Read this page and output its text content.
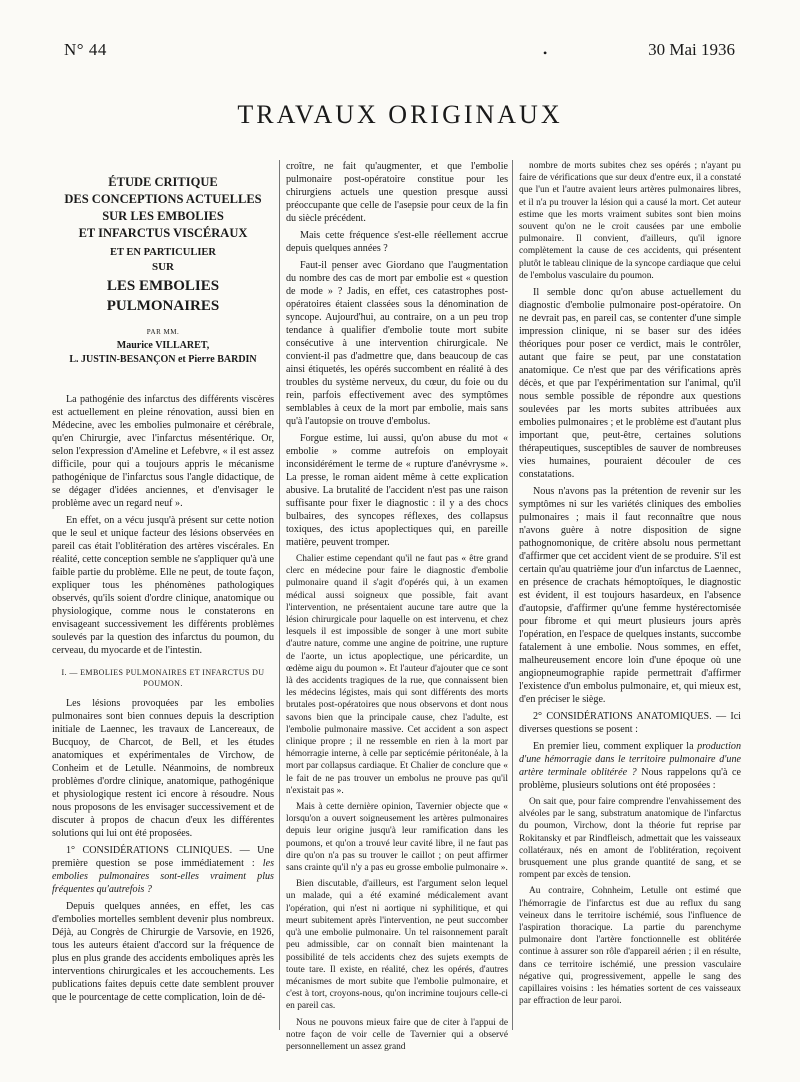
N° 44	•	30 Mai 1936
TRAVAUX ORIGINAUX
ÉTUDE CRITIQUE
DES CONCEPTIONS ACTUELLES
SUR LES EMBOLIES
ET INFARCTUS VISCÉRAUX
ET EN PARTICULIER
SUR
LES EMBOLIES PULMONAIRES
PAR MM.
Maurice VILLARET,
L. JUSTIN-BESANÇON et Pierre BARDIN

La pathogénie des infarctus des différents viscères est actuellement en pleine rénovation, aussi bien en Médecine, avec les embolies pulmonaire et cérébrale, qu'en Chirurgie, avec l'infarctus mésentérique. Or, selon l'expression d'Ameline et Lefebvre, « il est assez difficile, pour qui a toujours appris le mécanisme pathogénique de l'infarctus sous l'angle didactique, de se dégager d'idées anciennes, et d'envisager le problème avec un regard neuf ».

En effet, on a vécu jusqu'à présent sur cette notion que le seul et unique facteur des lésions observées en pareil cas était l'oblitération des artères viscérales. En réalité, cette conception semble ne s'appliquer qu'à une faible partie du problème. Elle ne peut, de toute façon, expliquer tous les phénomènes pathologiques observés, qu'ils soient d'ordre clinique, anatomique ou physiologique, comme nous le constaterons en envisageant successivement les différents problèmes soulevés par la question des infarctus du poumon, du cerveau, du myocarde et de l'intestin.

I. — EMBOLIES PULMONAIRES ET INFARCTUS DU POUMON.

Les lésions provoquées par les embolies pulmonaires sont bien connues depuis la description initiale de Laennec, les travaux de Lancereaux, de Bucquoy, de Charcot, de Bell, et les études anatomiques et expérimentales de Virchow, de Conheim et de Letulle. Néanmoins, de nombreux problèmes d'ordre clinique, anatomique, pathogénique et physiologique restent ici encore à résoudre. Nous nous proposons de les envisager successivement et de discuter à propos de chacun d'eux les différentes solutions qui lui ont été proposées.

1° CONSIDÉRATIONS CLINIQUES. — Une première question se pose immédiatement : les embolies pulmonaires sont-elles vraiment plus fréquentes qu'autrefois ?

Depuis quelques années, en effet, les cas d'embolies mortelles semblent devenir plus nombreux. Déjà, au Congrès de Chirurgie de Varsovie, en 1926, tous les auteurs étaient d'accord sur la fréquence de plus en plus grande des accidents emboliques après les interventions chirurgicales et les accouchements. Les publications faites depuis cette date semblent prouver que le pourcentage de cette complication, loin de dé-

croître, ne fait qu'augmenter, et que l'embolie pulmonaire post-opératoire constitue pour les chirurgiens actuels une question presque aussi préoccupante que celle de l'asepsie pour ceux de la fin du siècle précédent.

Mais cette fréquence s'est-elle réellement accrue depuis quelques années ?

Faut-il penser avec Giordano que l'augmentation du nombre des cas de mort par embolie est « question de mode » ? Jadis, en effet, ces catastrophes post-opératoires étaient classées sous la dénomination de syncope. Aujourd'hui, au contraire, on a un peu trop tendance à qualifier d'embolie toute mort subite consécutive à une intervention chirurgicale. Ne convient-il pas d'admettre que, dans beaucoup de cas ainsi étiquetés, les opérés succombent en réalité à des troubles du système nerveux, du cœur, du foie ou du rein, parfois effectivement avec des symptômes semblables à ceux de la mort par embolie, mais sans qu'à l'autopsie on trouve d'embolus.

Forgue estime, lui aussi, qu'on abuse du mot « embolie » comme autrefois on employait inconsidérément le terme de « rupture d'anévrysme ». La presse, le roman aident même à cette explication abusive. La brutalité de l'accident n'est pas une raison suffisante pour fixer le diagnostic : il y a des chocs bulbaires, des syncopes réflexes, des collapsus toxiques, des ictus apoplectiques qui, en pareille matière, peuvent tromper.

Chalier estime cependant qu'il ne faut pas « être grand clerc en médecine pour faire le diagnostic d'embolie pulmonaire quand il s'agit d'opérés qui, à un examen médical aussi soigneux que possible, fait avant l'intervention, ne présentaient aucune tare autre que la lésion chirurgicale pour laquelle on est intervenu, et chez lesquels il est impossible de songer à une mort subite d'autre nature, comme une angine de poitrine, une rupture de l'aorte, un ictus apoplectique, une péricardite, un œdème aigu du poumon ». Et l'auteur d'ajouter que ce sont là des accidents tragiques de la rue, que connaissent bien les médecins légistes, mais qui sont différents des morts brutales post-opératoires que nous observons et dont nous savons bien que la principale cause, chez l'adulte, est l'embolie pulmonaire massive. Cet accident a son aspect clinique propre ; il ne ressemble en rien à la mort par hémorragie interne, à celle par septicémie péritonéale, à la mort par collapsus cardiaque. Et Chalier de conclure que « le fait de ne pas trouver un embolus ne prouve pas qu'il n'existait pas ».

Mais à cette dernière opinion, Tavernier objecte que « lorsqu'on a ouvert soigneusement les artères pulmonaires depuis leur origine jusqu'à leur ramification dans les poumons, et qu'on a trouvé leur cavité libre, il ne faut pas dire qu'on n'a pas su trouver le caillot ; on peut affirmer sans crainte qu'il n'y a pas eu grosse embolie pulmonaire ».

Bien discutable, d'ailleurs, est l'argument selon lequel un malade, qui a été examiné médicalement avant l'opération, qui n'est ni aortique ni syphilitique, et qui meurt subitement après l'intervention, ne peut succomber qu'à une embolie pulmonaire. Un tel raisonnement paraît peu admissible, car on connaît bien maintenant la possibilité de tels accidents chez des sujets exempts de toute tare. Il existe, en réalité, chez les opérés, d'autres mécanismes de mort subite que l'embolie pulmonaire, et c'est à tort, croyons-nous, qu'on incrimine toujours celle-ci en pareil cas.

Nous ne pouvons mieux faire que de citer à l'appui de notre façon de voir celle de Tavernier qui a observé personnellement un assez grand

nombre de morts subites chez ses opérés ; n'ayant pu faire de vérifications que sur deux d'entre eux, il a constaté que l'un et l'autre avaient leurs artères pulmonaires libres, et il n'a pu trouver la lésion qui a causé la mort. Cet auteur estime que les morts vraiment subites sont bien moins souvent qu'on ne le croit causées par une embolie pulmonaire. Il convient, d'ailleurs, qu'il ignore complètement la cause de ces accidents, qui présentent plutôt le tableau clinique de la syncope cardiaque que celui de l'embolus vasculaire du poumon.

Il semble donc qu'on abuse actuellement du diagnostic d'embolie pulmonaire post-opératoire. On ne devrait pas, en pareil cas, se contenter d'une simple impression clinique, ni se baser sur des idées théoriques pour poser ce verdict, mais le contrôler, autant que faire se peut, par une constatation anatomique. Ce n'est que par des vérifications après décès, et que par l'expérimentation sur l'animal, qu'il nous semble possible de répondre aux questions soulevées par les morts subites attribuées aux embolies pulmonaires ; et le problème est d'autant plus important que, peut-être, certaines solutions thérapeutiques, susceptibles de sauver de nombreuses vies humaines, pouraient découler de ces constatations.

Nous n'avons pas la prétention de revenir sur les symptômes ni sur les variétés cliniques des embolies pulmonaires ; mais il faut reconnaître que nous n'avons guère à notre disposition de signe pathognomonique, de critère absolu nous permettant d'affirmer que cet accident vient de se produire. S'il est certain qu'au quatrième jour d'un infarctus de Laennec, en présence de crachats hémoptoïques, le diagnostic est évident, il est toujours hasardeux, en l'absence d'autopsie, d'affirmer qu'une femme hystérectomisée pour fibrome et qui meurt plusieurs jours après l'opération, en l'espace de quelques instants, succombe fatalement à une embolie. Nous sommes, en effet, malheureusement encore loin d'une époque où une angiopneumographie rapide permettrait d'affirmer l'existence d'un embolus pulmonaire, et, qui mieux est, d'en préciser le siège.

2° CONSIDÉRATIONS ANATOMIQUES. — Ici diverses questions se posent :

En premier lieu, comment expliquer la production d'une hémorragie dans le territoire pulmonaire d'une artère terminale oblitérée ? Nous rappelons qu'à ce problème, plusieurs solutions ont été proposées :

On sait que, pour faire comprendre l'envahissement des alvéoles par le sang, substratum anatomique de l'infarctus du poumon, Virchow, dont la théorie fut reprise par Rokitansky et par Rindfleisch, admettait que les vaisseaux collatéraux, nés en amont de l'oblitération, reçoivent brusquement une plus grande quantité de sang, et se rompent par excès de tension.

Au contraire, Cohnheim, Letulle ont estimé que l'hémorragie de l'infarctus est due au reflux du sang veineux dans le territoire ischémié, sous l'influence de l'aspiration thoracique. La partie du parenchyme pulmonaire dont l'artère fonctionnelle est oblitérée continue à assurer son rôle d'appareil aérien ; il en résulte, dans ce territoire ischémié, une pression vasculaire négative qui, progressivement, appelle le sang des capillaires voisins : les hématies sortent de ces vaisseaux par effraction de leur paroi.
